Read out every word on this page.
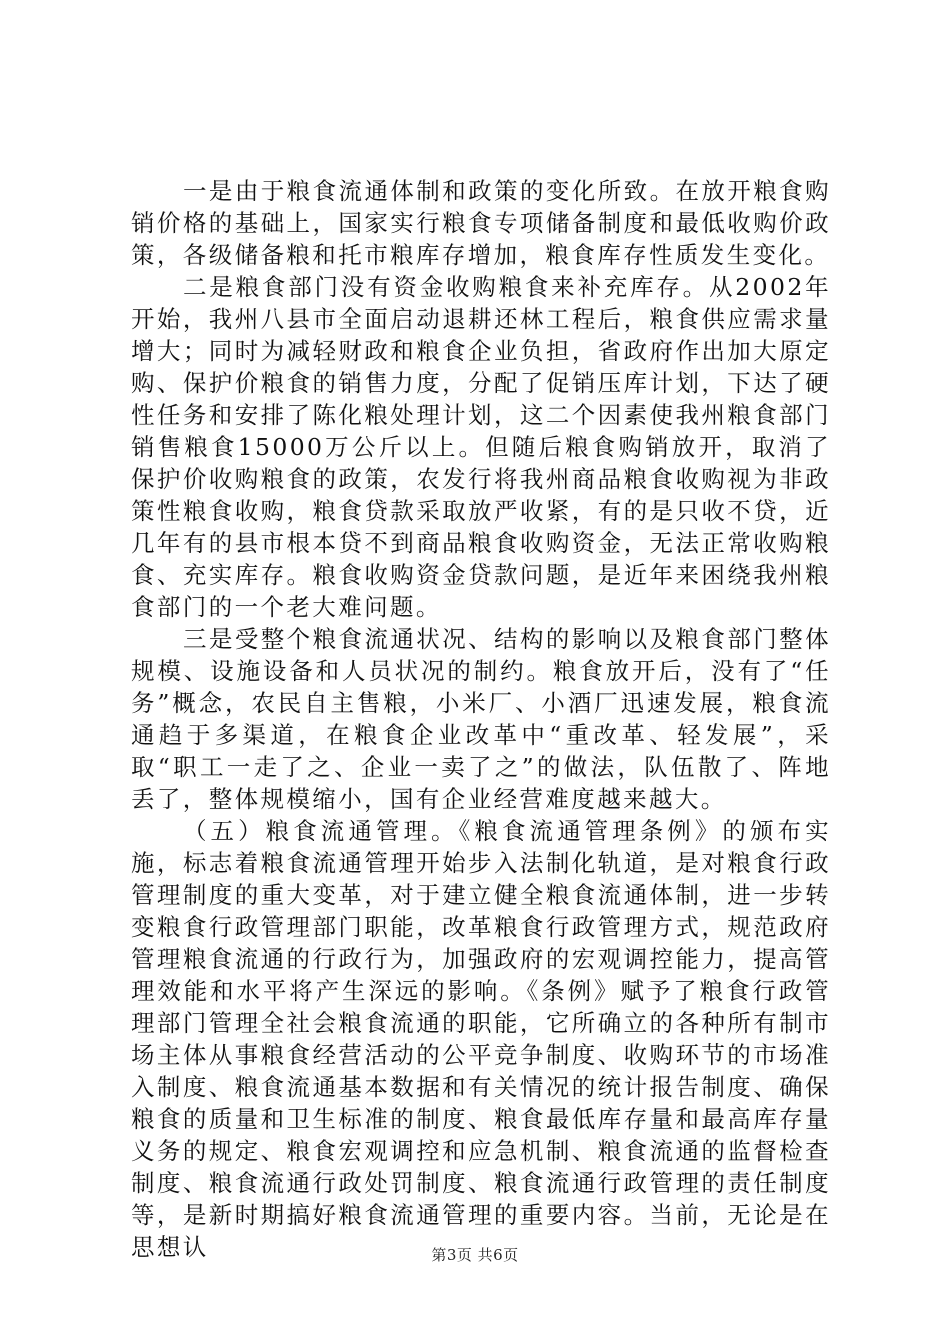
一是由于粮食流通体制和政策的变化所致。在放开粮食购销价格的基础上，国家实行粮食专项储备制度和最低收购价政策，各级储备粮和托市粮库存增加，粮食库存性质发生变化。

二是粮食部门没有资金收购粮食来补充库存。从2002年开始，我州八县市全面启动退耕还林工程后，粮食供应需求量增大；同时为减轻财政和粮食企业负担，省政府作出加大原定购、保护价粮食的销售力度，分配了促销压库计划，下达了硬性任务和安排了陈化粮处理计划，这二个因素使我州粮食部门销售粮食15000万公斤以上。但随后粮食购销放开，取消了保护价收购粮食的政策，农发行将我州商品粮食收购视为非政策性粮食收购，粮食贷款采取放严收紧，有的是只收不贷，近几年有的县市根本贷不到商品粮食收购资金，无法正常收购粮食、充实库存。粮食收购资金贷款问题，是近年来困绕我州粮食部门的一个老大难问题。

三是受整个粮食流通状况、结构的影响以及粮食部门整体规模、设施设备和人员状况的制约。粮食放开后，没有了“任务”概念，农民自主售粮，小米厂、小酒厂迅速发展，粮食流通趋于多渠道，在粮食企业改革中“重改革、轻发展”，采取“职工一走了之、企业一卖了之”的做法，队伍散了、阵地丢了，整体规模缩小，国有企业经营难度越来越大。

（五）粮食流通管理。《粮食流通管理条例》的颁布实施，标志着粮食流通管理开始步入法制化轨道，是对粮食行政管理制度的重大变革，对于建立健全粮食流通体制，进一步转变粮食行政管理部门职能，改革粮食行政管理方式，规范政府管理粮食流通的行政行为，加强政府的宏观调控能力，提高管理效能和水平将产生深远的影响。《条例》赋予了粮食行政管理部门管理全社会粮食流通的职能，它所确立的各种所有制市场主体从事粮食经营活动的公平竞争制度、收购环节的市场准入制度、粮食流通基本数据和有关情况的统计报告制度、确保粮食的质量和卫生标准的制度、粮食最低库存量和最高库存量义务的规定、粮食宏观调控和应急机制、粮食流通的监督检查制度、粮食流通行政处罚制度、粮食流通行政管理的责任制度等，是新时期搞好粮食流通管理的重要内容。当前，无论是在思想认	第3页 共6页
